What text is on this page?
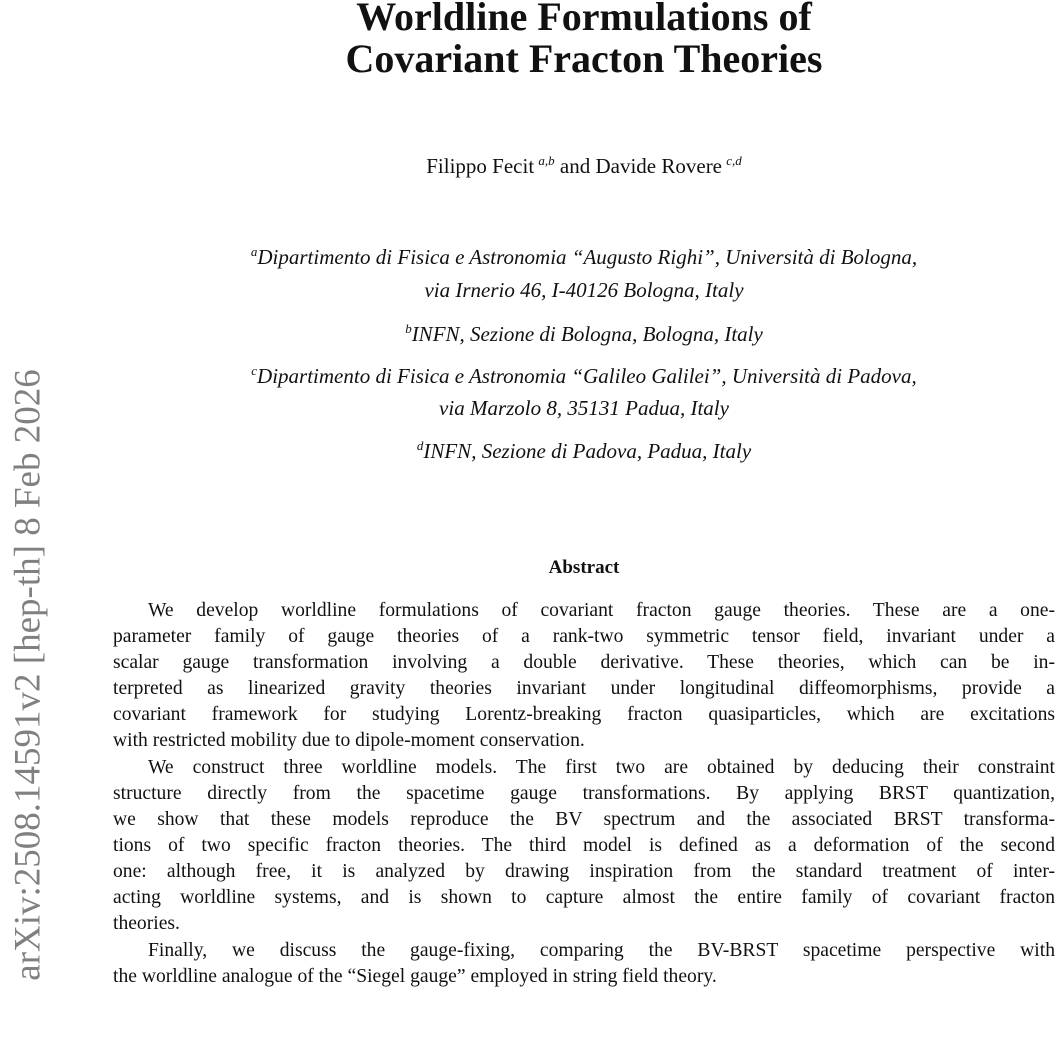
arXiv:2508.14591v2 [hep-th] 8 Feb 2026
Worldline Formulations of
Covariant Fracton Theories
Filippo Fecit  $^{a,b}$ and Davide Rovere  $^{c,d}$
$^a$Dipartimento di Fisica e Astronomia “Augusto Righi”, Università di Bologna,
via Irnerio 46, I-40126 Bologna, Italy
$^b$INFN, Sezione di Bologna, Bologna, Italy
$^c$Dipartimento di Fisica e Astronomia “Galileo Galilei”, Università di Padova,
via Marzolo 8, 35131 Padua, Italy
$^d$INFN, Sezione di Padova, Padua, Italy
Abstract
We develop worldline formulations of covariant fracton gauge theories. These are a one-
parameter family of gauge theories of a rank-two symmetric tensor field, invariant under a
scalar gauge transformation involving a double derivative. These theories, which can be in-
terpreted as linearized gravity theories invariant under longitudinal diffeomorphisms, provide a
covariant framework for studying Lorentz-breaking fracton quasiparticles, which are excitations
with restricted mobility due to dipole-moment conservation.
We construct three worldline models. The first two are obtained by deducing their constraint
structure directly from the spacetime gauge transformations. By applying BRST quantization,
we show that these models reproduce the BV spectrum and the associated BRST transforma-
tions of two specific fracton theories. The third model is defined as a deformation of the second
one: although free, it is analyzed by drawing inspiration from the standard treatment of inter-
acting worldline systems, and is shown to capture almost the entire family of covariant fracton
theories.
Finally, we discuss the gauge-fixing, comparing the BV-BRST spacetime perspective with
the worldline analogue of the “Siegel gauge” employed in string field theory.
